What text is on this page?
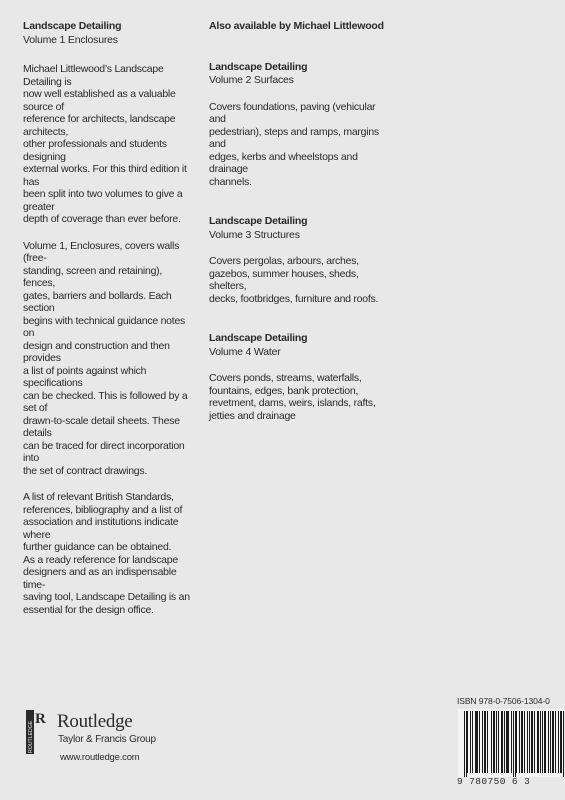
Landscape Detailing
Volume 1 Enclosures

Michael Littlewood’s Landscape Detailing is
now well established as a valuable source of
reference for architects, landscape architects,
other professionals and students designing
external works. For this third edition it has
been split into two volumes to give a greater
depth of coverage than ever before.

Volume 1, Enclosures, covers walls (free-
standing, screen and retaining), fences,
gates, barriers and bollards. Each section
begins with technical guidance notes on
design and construction and then provides
a list of points against which specifications
can be checked. This is followed by a set of
drawn-to-scale detail sheets. These details
can be traced for direct incorporation into
the set of contract drawings.

A list of relevant British Standards,
references, bibliography and a list of
association and institutions indicate where
further guidance can be obtained.

As a ready reference for landscape
designers and as an indispensable time-
saving tool, Landscape Detailing is an
essential for the design office.

Also available by Michael Littlewood
Landscape Detailing
Volume 2 Surfaces

Covers foundations, paving (vehicular and
pedestrian), steps and ramps, margins and
edges, kerbs and wheelstops and drainage
channels.

Landscape Detailing
Volume 3 Structures

Covers pergolas, arbours, arches,
gazebos, summer houses, sheds, shelters,
decks, footbridges, furniture and roofs.

Landscape Detailing
Volume 4 Water

Covers ponds, streams, waterfalls,
fountains, edges, bank protection,
revetment, dams, weirs, islands, rafts,
jetties and drainage

R
ROUTLEDGE Routledge
Taylor & Francis Group
www.routledge.com
ISBN 978-0-7506-1304-0
9 780750 6 3
